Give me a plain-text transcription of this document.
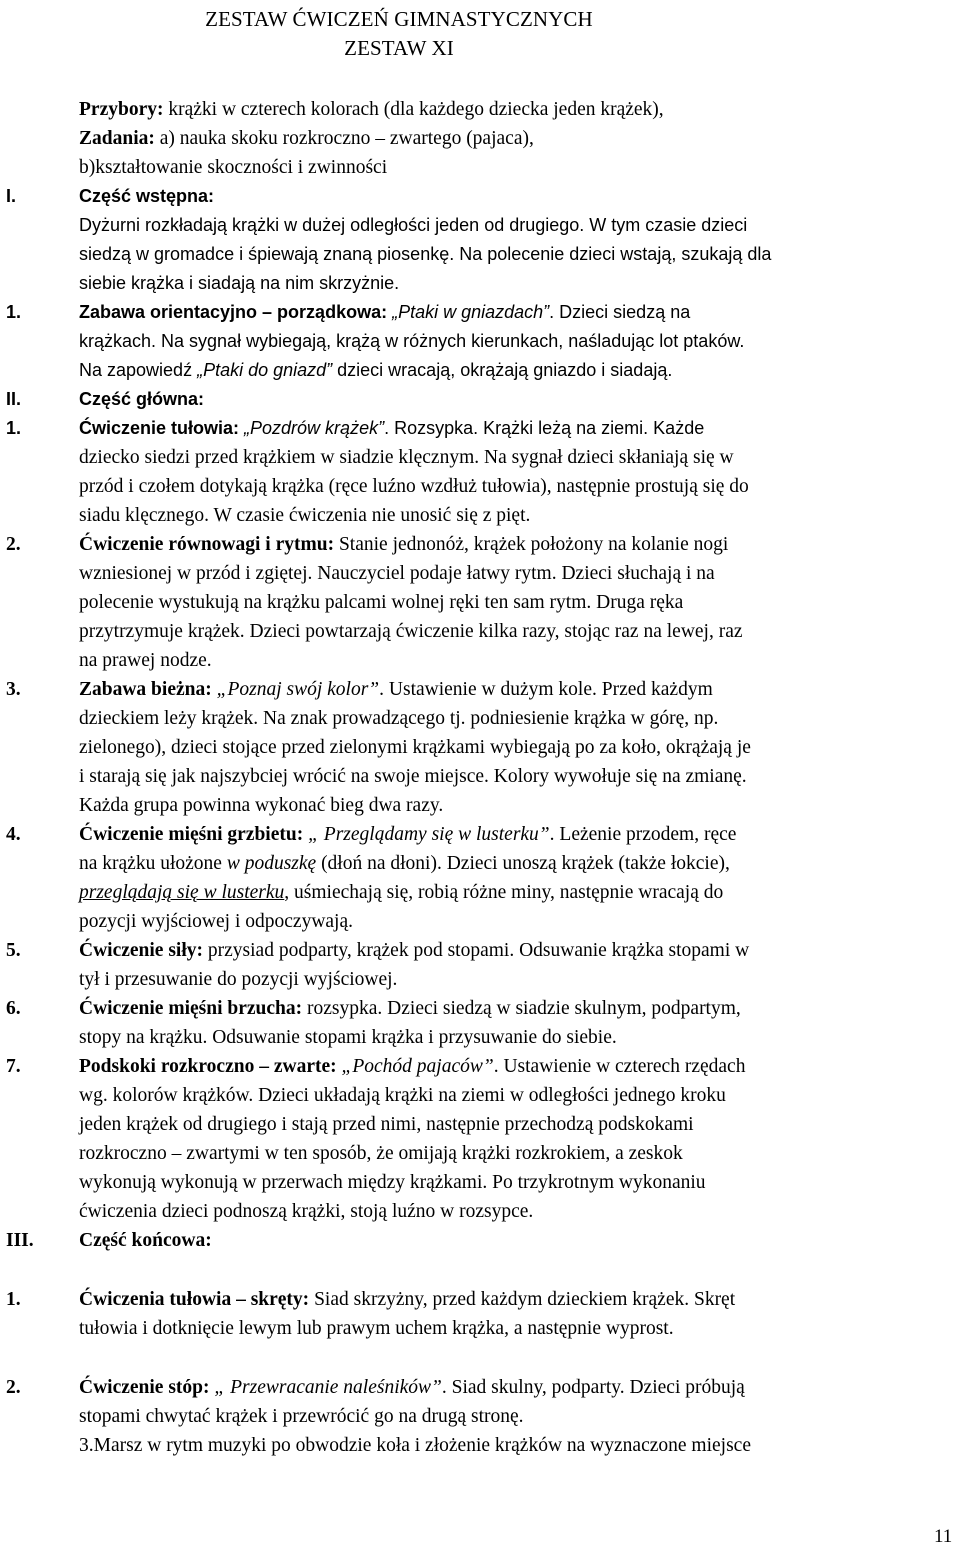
ZESTAW ĆWICZEŃ GIMNASTYCZNYCH
ZESTAW XI
Przybory: krążki w czterech kolorach (dla każdego dziecka jeden krążek),
Zadania: a) nauka skoku rozkroczno – zwartego (pajaca),
b)kształtowanie skoczności i zwinności
I.	Część wstępna:
Dyżurni rozkładają krążki w dużej odległości jeden od drugiego. W tym czasie dzieci
siedzą w gromadce i śpiewają znaną piosenkę. Na polecenie dzieci wstają, szukają dla
siebie krążka i siadają na nim skrzyżnie.
1.	Zabawa orientacyjno – porządkowa: „Ptaki w gniazdach”. Dzieci siedzą na
krążkach. Na sygnał wybiegają, krążą w różnych kierunkach, naśladując lot ptaków.
Na zapowiedź „Ptaki do gniazd” dzieci wracają, okrążają gniazdo i siadają.
II.	Część główna:
1.	Ćwiczenie tułowia: „Pozdrów krążek”. Rozsypka. Krążki leżą na ziemi. Każde
dziecko siedzi przed krążkiem w siadzie klęcznym. Na sygnał dzieci skłaniają się w
przód i czołem dotykają krążka (ręce luźno wzdłuż tułowia), następnie prostują się do
siadu klęcznego. W czasie ćwiczenia nie unosić się z pięt.
2.	Ćwiczenie równowagi i rytmu: Stanie jednonóż, krążek położony na kolanie nogi
wzniesionej w przód i zgiętej. Nauczyciel podaje łatwy rytm. Dzieci słuchają i na
polecenie wystukują na krążku palcami wolnej ręki ten sam rytm. Druga ręka
przytrzymuje krążek. Dzieci powtarzają ćwiczenie kilka razy, stojąc raz na lewej, raz
na prawej nodze.
3.	Zabawa bieżna: „Poznaj swój kolor”. Ustawienie w dużym kole. Przed każdym
dzieckiem leży krążek. Na znak prowadzącego tj. podniesienie krążka w górę, np.
zielonego), dzieci stojące przed zielonymi krążkami wybiegają po za koło, okrążają je
i starają się jak najszybciej wrócić na swoje miejsce. Kolory wywołuje się na zmianę.
Każda grupa powinna wykonać bieg dwa razy.
4.	Ćwiczenie mięśni grzbietu: „ Przeglądamy się w lusterku”. Leżenie przodem, ręce
na krążku ułożone w poduszkę (dłoń na dłoni). Dzieci unoszą krążek (także łokcie),
przeglądają się w lusterku, uśmiechają się, robią różne miny, następnie wracają do
pozycji wyjściowej i odpoczywają.
5.	Ćwiczenie siły: przysiad podparty, krążek pod stopami. Odsuwanie krążka stopami w
tył i przesuwanie do pozycji wyjściowej.
6.	Ćwiczenie mięśni brzucha: rozsypka. Dzieci siedzą w siadzie skulnym, podpartym,
stopy na krążku. Odsuwanie stopami krążka i przysuwanie do siebie.
7.	Podskoki rozkroczno – zwarte: „Pochód pajaców”. Ustawienie w czterech rzędach
wg. kolorów krążków. Dzieci układają krążki na ziemi w odległości jednego kroku
jeden krążek od drugiego i stają przed nimi, następnie przechodzą podskokami
rozkroczno – zwartymi w ten sposób, że omijają krążki rozkrokiem, a zeskok
wykonują wykonują w przerwach między krążkami. Po trzykrotnym wykonaniu
ćwiczenia dzieci podnoszą krążki, stoją luźno w rozsypce.
III.	Część końcowa:
1.	Ćwiczenia tułowia – skręty: Siad skrzyżny, przed każdym dzieckiem krążek. Skręt
tułowia i dotknięcie lewym lub prawym uchem krążka, a następnie wyprost.
2.	Ćwiczenie stóp: „ Przewracanie naleśników”. Siad skulny, podparty. Dzieci próbują
stopami chwytać krążek i przewrócić go na drugą stronę.
3.Marsz w rytm muzyki po obwodzie koła i złożenie krążków na wyznaczone miejsce
11
